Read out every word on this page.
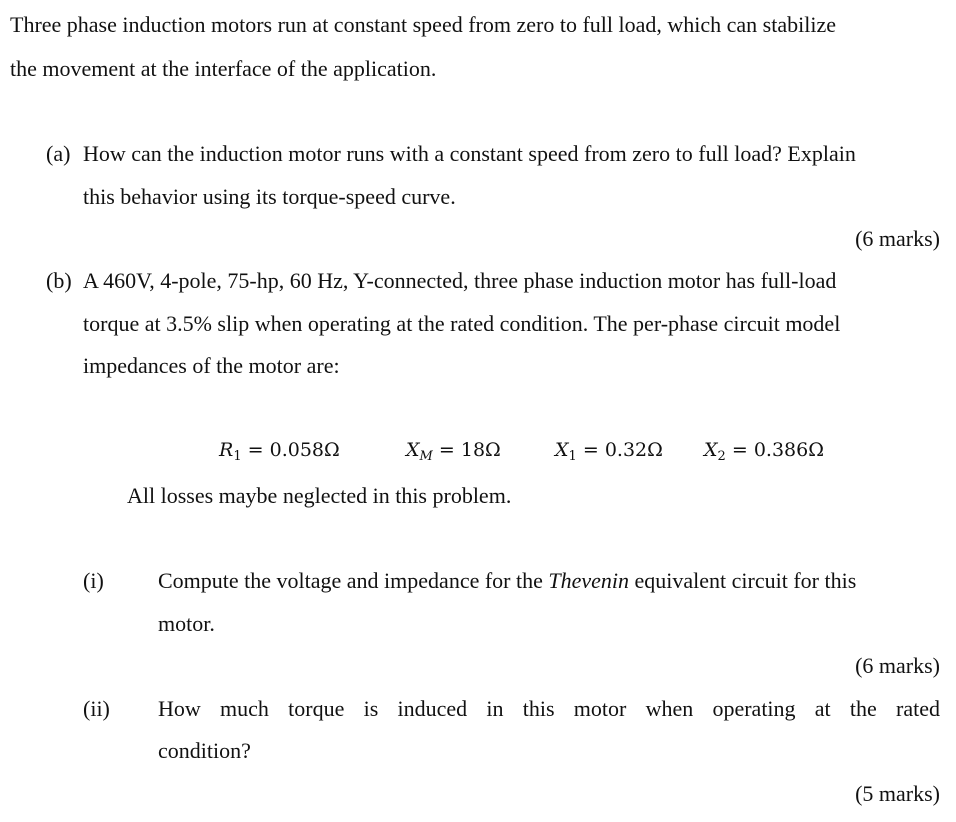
Three phase induction motors run at constant speed from zero to full load, which can stabilize
the movement at the interface of the application.
(a) How can the induction motor runs with a constant speed from zero to full load? Explain
this behavior using its torque-speed curve.
(6 marks)
(b) A 460V, 4-pole, 75-hp, 60 Hz, Y-connected, three phase induction motor has full-load
torque at 3.5% slip when operating at the rated condition. The per-phase circuit model
impedances of the motor are:
$R_1 = 0.058\Omega$	$X_M = 18\Omega$	$X_1 = 0.32\Omega$ $X_2 = 0.386\Omega$
All losses maybe neglected in this problem.
(i) Compute the voltage and impedance for the Thevenin equivalent circuit for this
motor.
(6 marks)
(ii) How much torque is induced in this motor when operating at the rated
condition?
(5 marks)
